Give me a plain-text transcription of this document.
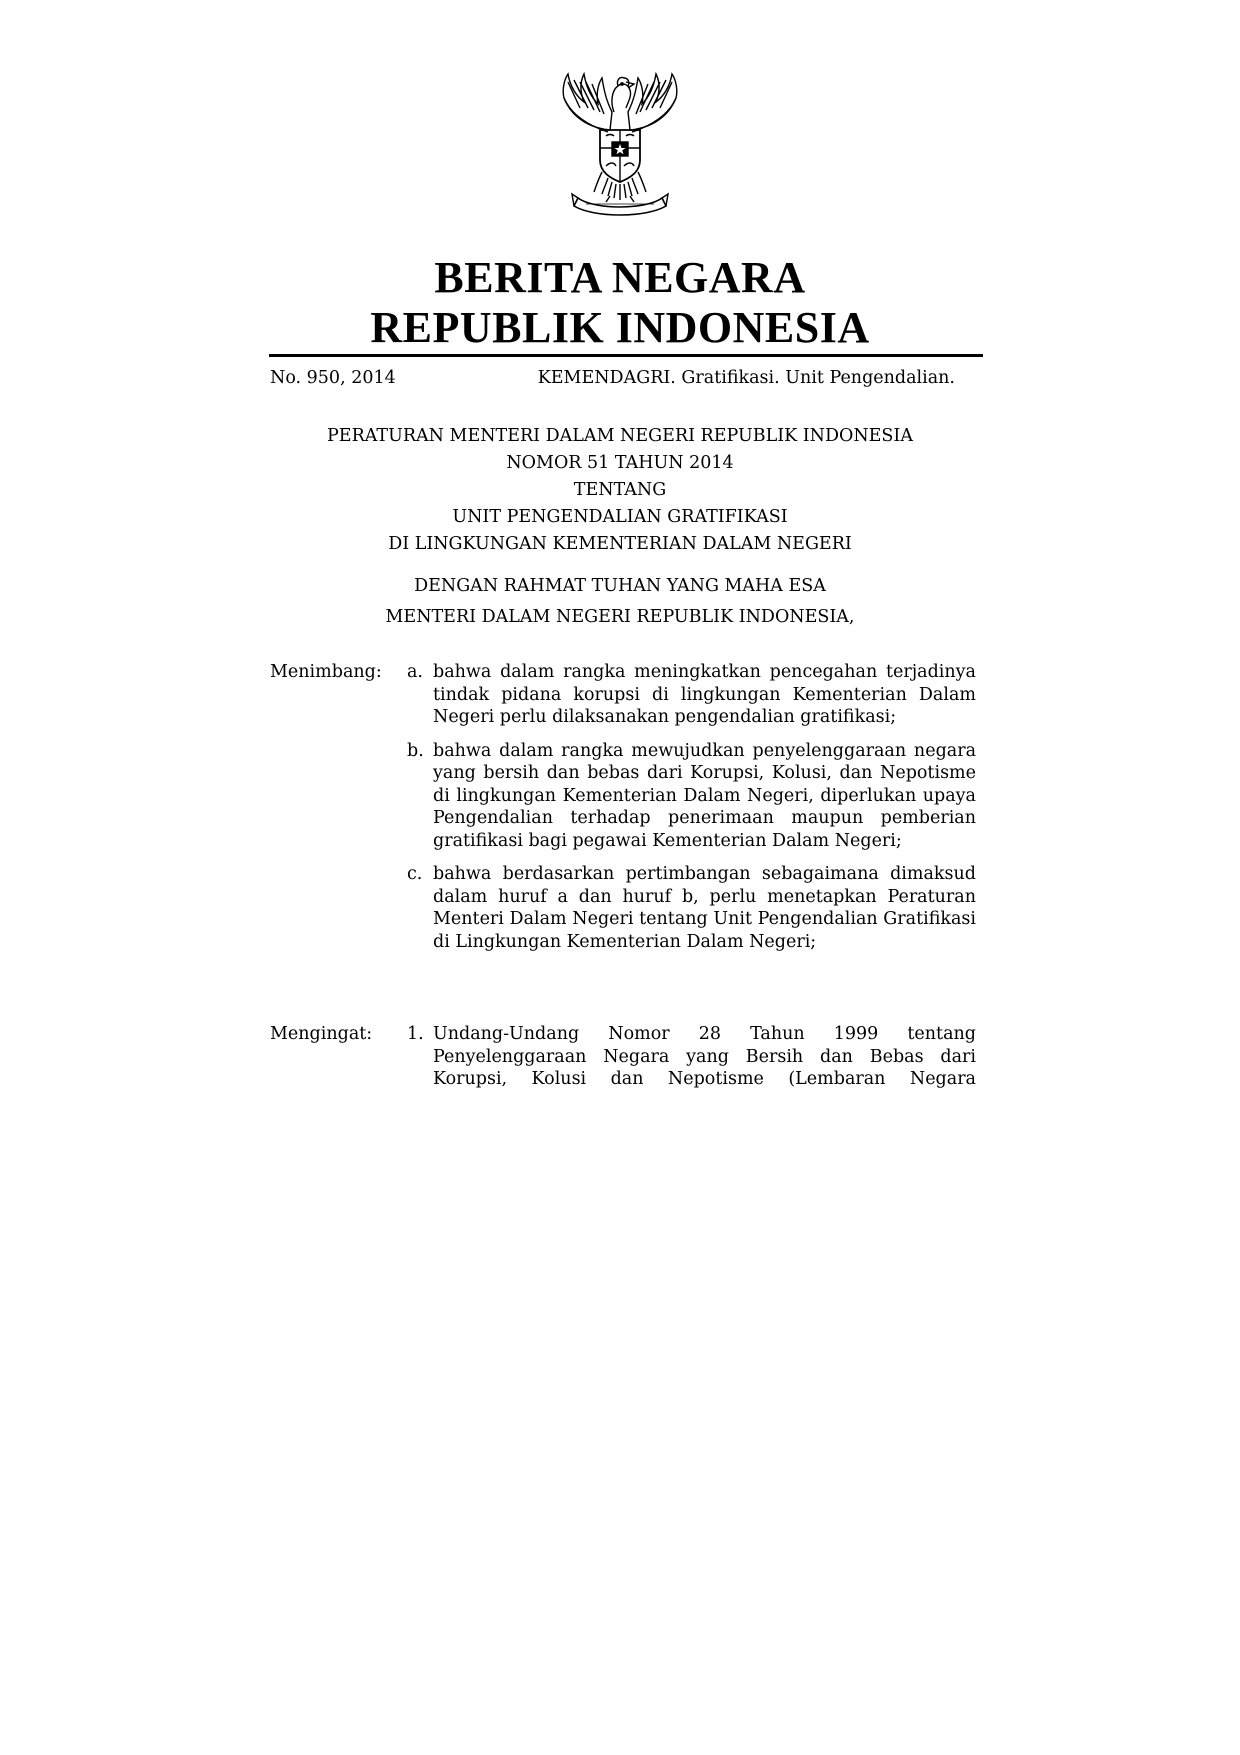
BERITA NEGARA
REPUBLIK INDONESIA
No. 950, 2014	KEMENDAGRI. Gratifikasi. Unit Pengendalian.
PERATURAN MENTERI DALAM NEGERI REPUBLIK INDONESIA
NOMOR 51 TAHUN 2014
TENTANG
UNIT PENGENDALIAN GRATIFIKASI
DI LINGKUNGAN KEMENTERIAN DALAM NEGERI
DENGAN RAHMAT TUHAN YANG MAHA ESA
MENTERI DALAM NEGERI REPUBLIK INDONESIA,
Menimbang: a. bahwa dalam rangka meningkatkan pencegahan terjadinya tindak pidana korupsi di lingkungan Kementerian Dalam Negeri perlu dilaksanakan pengendalian gratifikasi;
b. bahwa dalam rangka mewujudkan penyelenggaraan negara yang bersih dan bebas dari Korupsi, Kolusi, dan Nepotisme di lingkungan Kementerian Dalam Negeri, diperlukan upaya Pengendalian terhadap penerimaan maupun pemberian gratifikasi bagi pegawai Kementerian Dalam Negeri;
c. bahwa berdasarkan pertimbangan sebagaimana dimaksud dalam huruf a dan huruf b, perlu menetapkan Peraturan Menteri Dalam Negeri tentang Unit Pengendalian Gratifikasi di Lingkungan Kementerian Dalam Negeri;
Mengingat: 1. Undang-Undang Nomor 28 Tahun 1999 tentang Penyelenggaraan Negara yang Bersih dan Bebas dari Korupsi, Kolusi dan Nepotisme (Lembaran Negara
